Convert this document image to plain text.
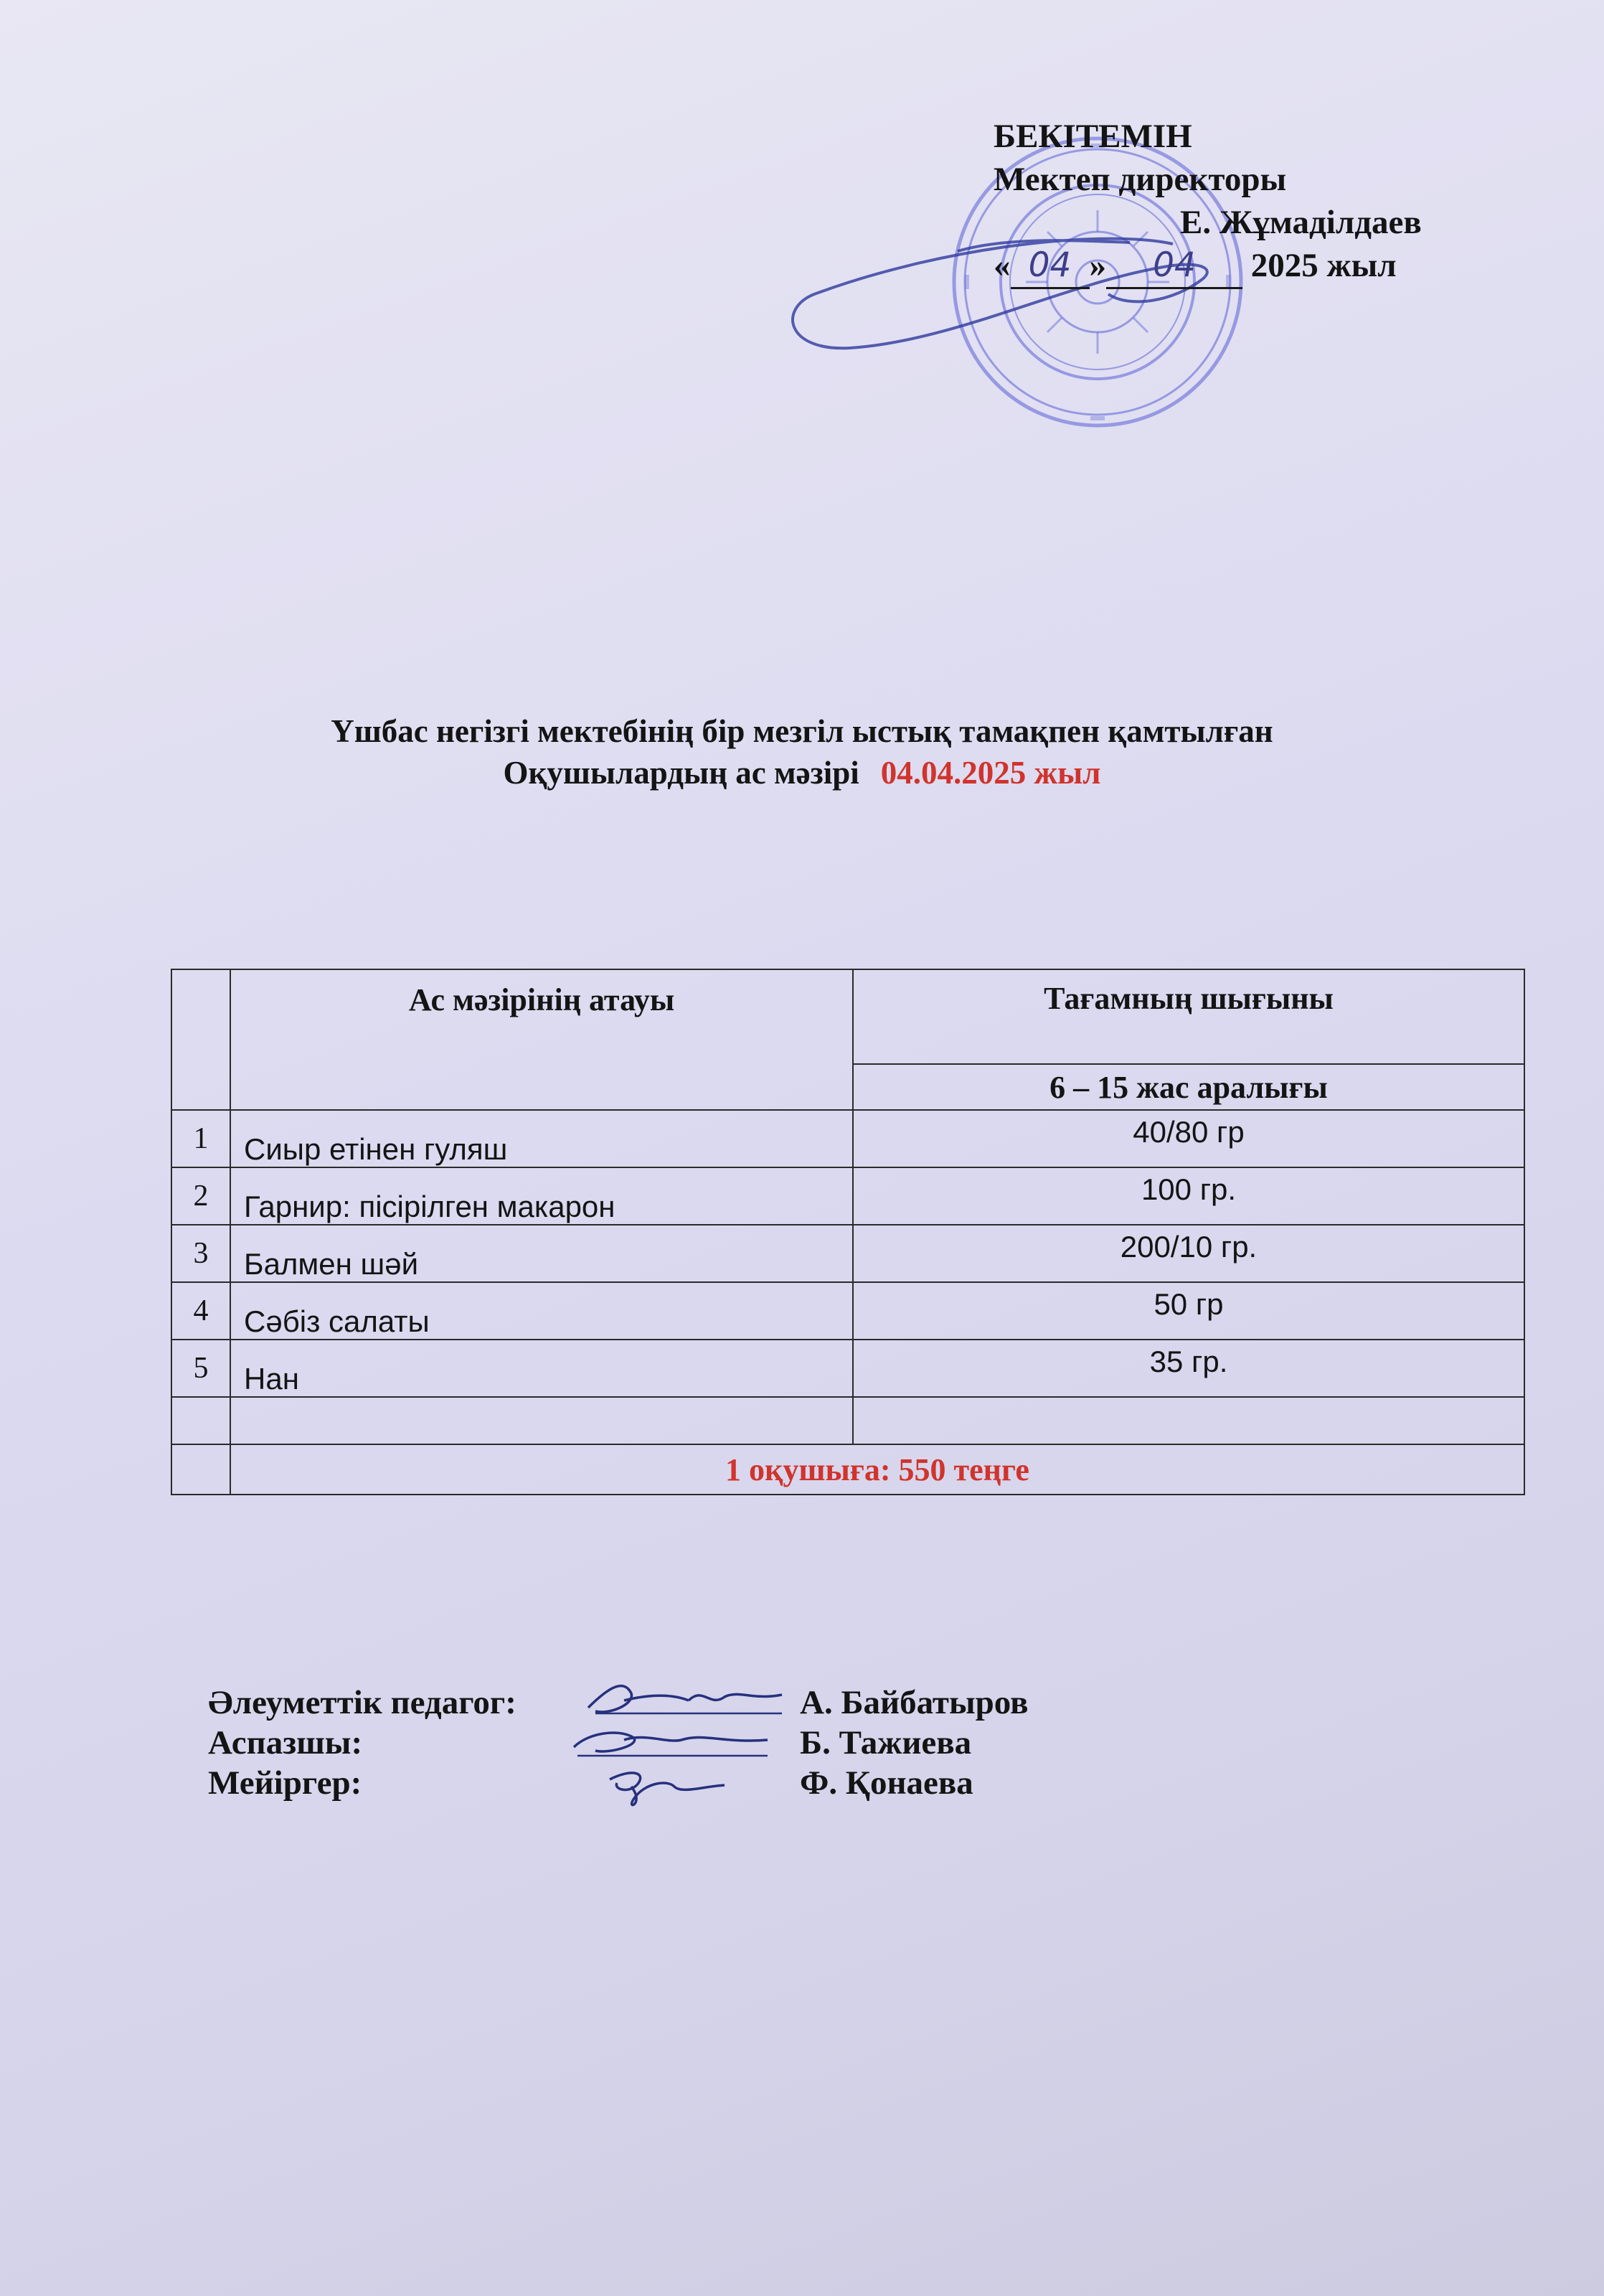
БЕКІТЕМІН
Мектеп директоры
Е. Жұмаділдаев
« 04 » 04 2025 жыл
Үшбас негізгі мектебінің бір мезгіл ыстық тамақпен қамтылған
Оқушылардың ас мәзірі 04.04.2025 жыл
	Ас мәзірінің атауы	Тағамның шығыны
		6 – 15 жас аралығы
1	Сиыр етінен гуляш	40/80 гр
2	Гарнир: пісірілген макарон	100 гр.
3	Балмен шәй	200/10 гр.
4	Сәбіз салаты	50 гр
5	Нан	35 гр.

	1 оқушыға: 550 теңге	
Әлеуметтік педагог:	А. Байбатыров
Аспазшы:	Б. Тажиева
Мейіргер:	Ф. Қонаева
